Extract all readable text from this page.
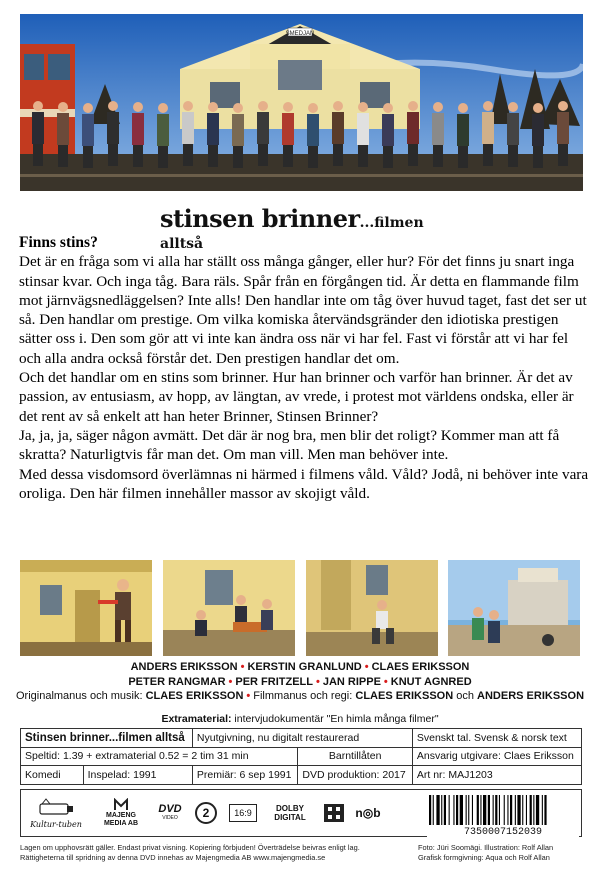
SMEDJAN
stinsen brinner...filmen alltså
Finns stins?

Det är en fråga som vi alla har ställt oss många gånger, eller hur? För det finns ju snart inga stinsar kvar. Och inga tåg. Bara räls. Spår från en förgången tid. Är detta en flammande film mot järnvägsnedläggelsen? Inte alls! Den handlar inte om tåg över huvud taget, fast det ser ut så. Den handlar om prestige. Om vilka komiska återvändsgränder den idiotiska prestigen sätter oss i. Den som gör att vi inte kan ändra oss när vi har fel. Fast vi förstår att vi har fel och alla andra också förstår det. Den prestigen handlar det om.

Och det handlar om en stins som brinner. Hur han brinner och varför han brinner. Är det av passion, av entusiasm, av hopp, av längtan, av vrede, i protest mot världens ondska, eller är det rent av så enkelt att han heter Brinner, Stinsen Brinner?

Ja, ja, ja, säger någon avmätt. Det där är nog bra, men blir det roligt? Kommer man att få skratta? Naturligtvis får man det. Om man vill. Men man behöver inte.

Med dessa visdomsord överlämnas ni härmed i filmens våld. Våld? Jodå, ni behöver inte vara oroliga. Den här filmen innehåller massor av skojigt våld.

ANDERS ERIKSSON • KERSTIN GRANLUND • CLAES ERIKSSON
PETER RANGMAR • PER FRITZELL • JAN RIPPE • KNUT AGNRED
Originalmanus och musik: CLAES ERIKSSON • Filmmanus och regi: CLAES ERIKSSON och ANDERS ERIKSSON
Extramaterial: intervjudokumentär "En himla många filmer"
Stinsen brinner...filmen alltså		Nyutgivning, nu digitalt restaurerad		Svenskt tal. Svensk & norsk text
Speltid: 1.39 + extramaterial 0.52 = 2 tim 31 min			Barntillåten	Ansvarig utgivare: Claes Eriksson
Komedi	Inspelad: 1991	Premiär: 6 sep 1991	DVD produktion: 2017	Art nr: MAJ1203
Kultur-tuben
MAJENG
MEDIA AB
DVD
VIDEO	2	16:9	DOLBY
DIGITAL	n◎b
7350007152039
Lagen om upphovsrätt gäller. Endast privat visning. Kopiering förbjuden! Överträdelse beivras enligt lag.
Rättigheterna till spridning av denna DVD innehas av Majengmedia AB www.majengmedia.se
Foto: Jüri Soomägi. Illustration: Rolf Allan
Grafisk formgivning: Aqua och Rolf Allan
